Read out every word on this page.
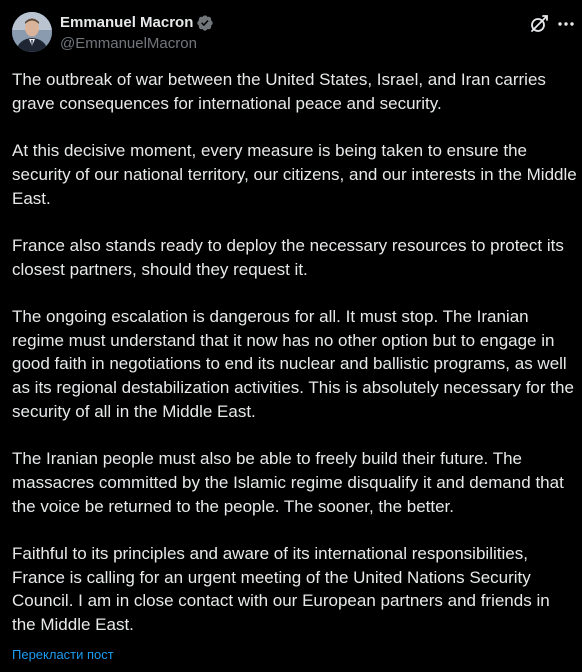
Emmanuel Macron
@EmmanuelMacron
The outbreak of war between the United States, Israel, and Iran carries grave consequences for international peace and security.

At this decisive moment, every measure is being taken to ensure the security of our national territory, our citizens, and our interests in the Middle East.

France also stands ready to deploy the necessary resources to protect its closest partners, should they request it.

The ongoing escalation is dangerous for all. It must stop. The Iranian regime must understand that it now has no other option but to engage in good faith in negotiations to end its nuclear and ballistic programs, as well as its regional destabilization activities. This is absolutely necessary for the security of all in the Middle East.

The Iranian people must also be able to freely build their future. The massacres committed by the Islamic regime disqualify it and demand that the voice be returned to the people. The sooner, the better.

Faithful to its principles and aware of its international responsibilities, France is calling for an urgent meeting of the United Nations Security Council. I am in close contact with our European partners and friends in the Middle East.
Перекласти пост
